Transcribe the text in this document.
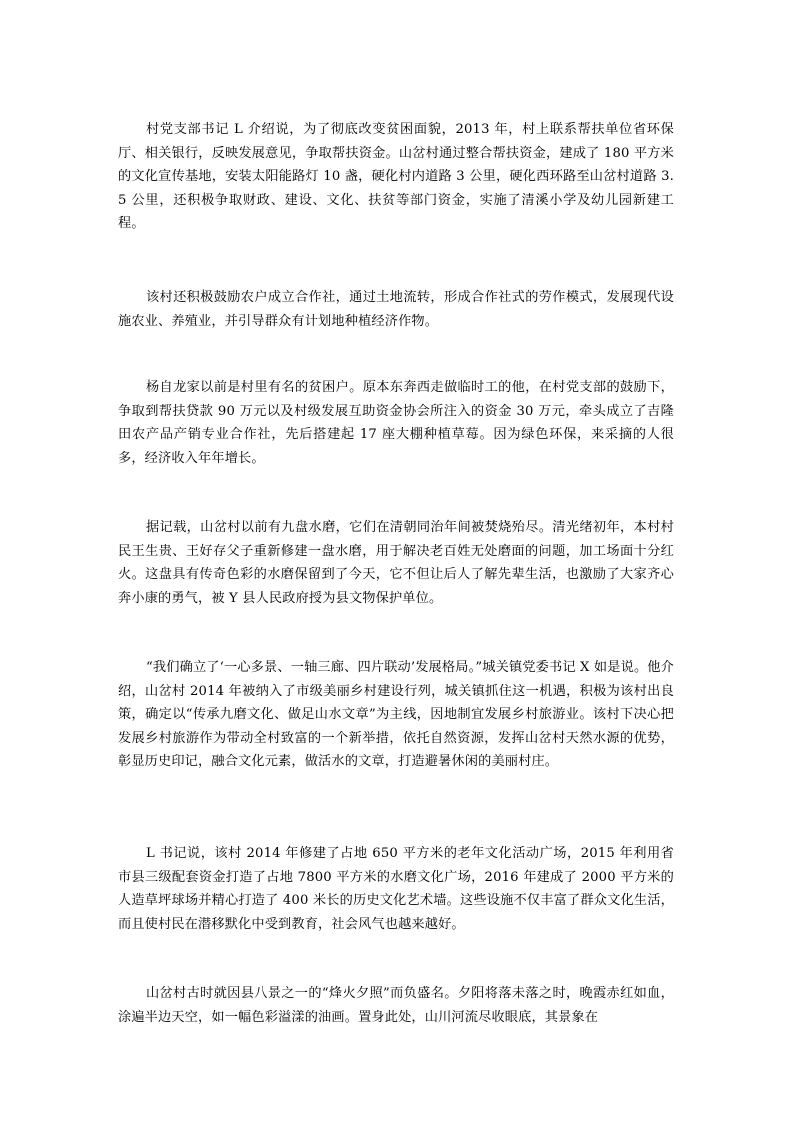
村党支部书记 L 介绍说，为了彻底改变贫困面貌，2013 年，村上联系帮扶单位省环保厅、相关银行，反映发展意见，争取帮扶资金。山岔村通过整合帮扶资金，建成了 180 平方米的文化宣传基地，安装太阳能路灯 10 盏，硬化村内道路 3 公里，硬化西环路至山岔村道路 3.5 公里，还积极争取财政、建设、文化、扶贫等部门资金，实施了清溪小学及幼儿园新建工程。

该村还积极鼓励农户成立合作社，通过土地流转，形成合作社式的劳作模式，发展现代设施农业、养殖业，并引导群众有计划地种植经济作物。

杨自龙家以前是村里有名的贫困户。原本东奔西走做临时工的他，在村党支部的鼓励下，争取到帮扶贷款 90 万元以及村级发展互助资金协会所注入的资金 30 万元，牵头成立了吉隆田农产品产销专业合作社，先后搭建起 17 座大棚种植草莓。因为绿色环保，来采摘的人很多，经济收入年年增长。

据记载，山岔村以前有九盘水磨，它们在清朝同治年间被焚烧殆尽。清光绪初年，本村村民王生贵、王好存父子重新修建一盘水磨，用于解决老百姓无处磨面的问题，加工场面十分红火。这盘具有传奇色彩的水磨保留到了今天，它不但让后人了解先辈生活，也激励了大家齐心奔小康的勇气，被 Y 县人民政府授为县文物保护单位。

“我们确立了‘一心多景、一轴三廊、四片联动’发展格局。”城关镇党委书记 X 如是说。他介绍，山岔村 2014 年被纳入了市级美丽乡村建设行列，城关镇抓住这一机遇，积极为该村出良策，确定以“传承九磨文化、做足山水文章”为主线，因地制宜发展乡村旅游业。该村下决心把发展乡村旅游作为带动全村致富的一个新举措，依托自然资源，发挥山岔村天然水源的优势，彰显历史印记，融合文化元素，做活水的文章，打造避暑休闲的美丽村庄。

L 书记说，该村 2014 年修建了占地 650 平方米的老年文化活动广场，2015 年利用省市县三级配套资金打造了占地 7800 平方米的水磨文化广场，2016 年建成了 2000 平方米的人造草坪球场并精心打造了 400 米长的历史文化艺术墙。这些设施不仅丰富了群众文化生活，而且使村民在潜移默化中受到教育，社会风气也越来越好。

山岔村古时就因县八景之一的“烽火夕照”而负盛名。夕阳将落未落之时，晚霞赤红如血，涂遍半边天空，如一幅色彩溢漾的油画。置身此处，山川河流尽收眼底，其景象在
